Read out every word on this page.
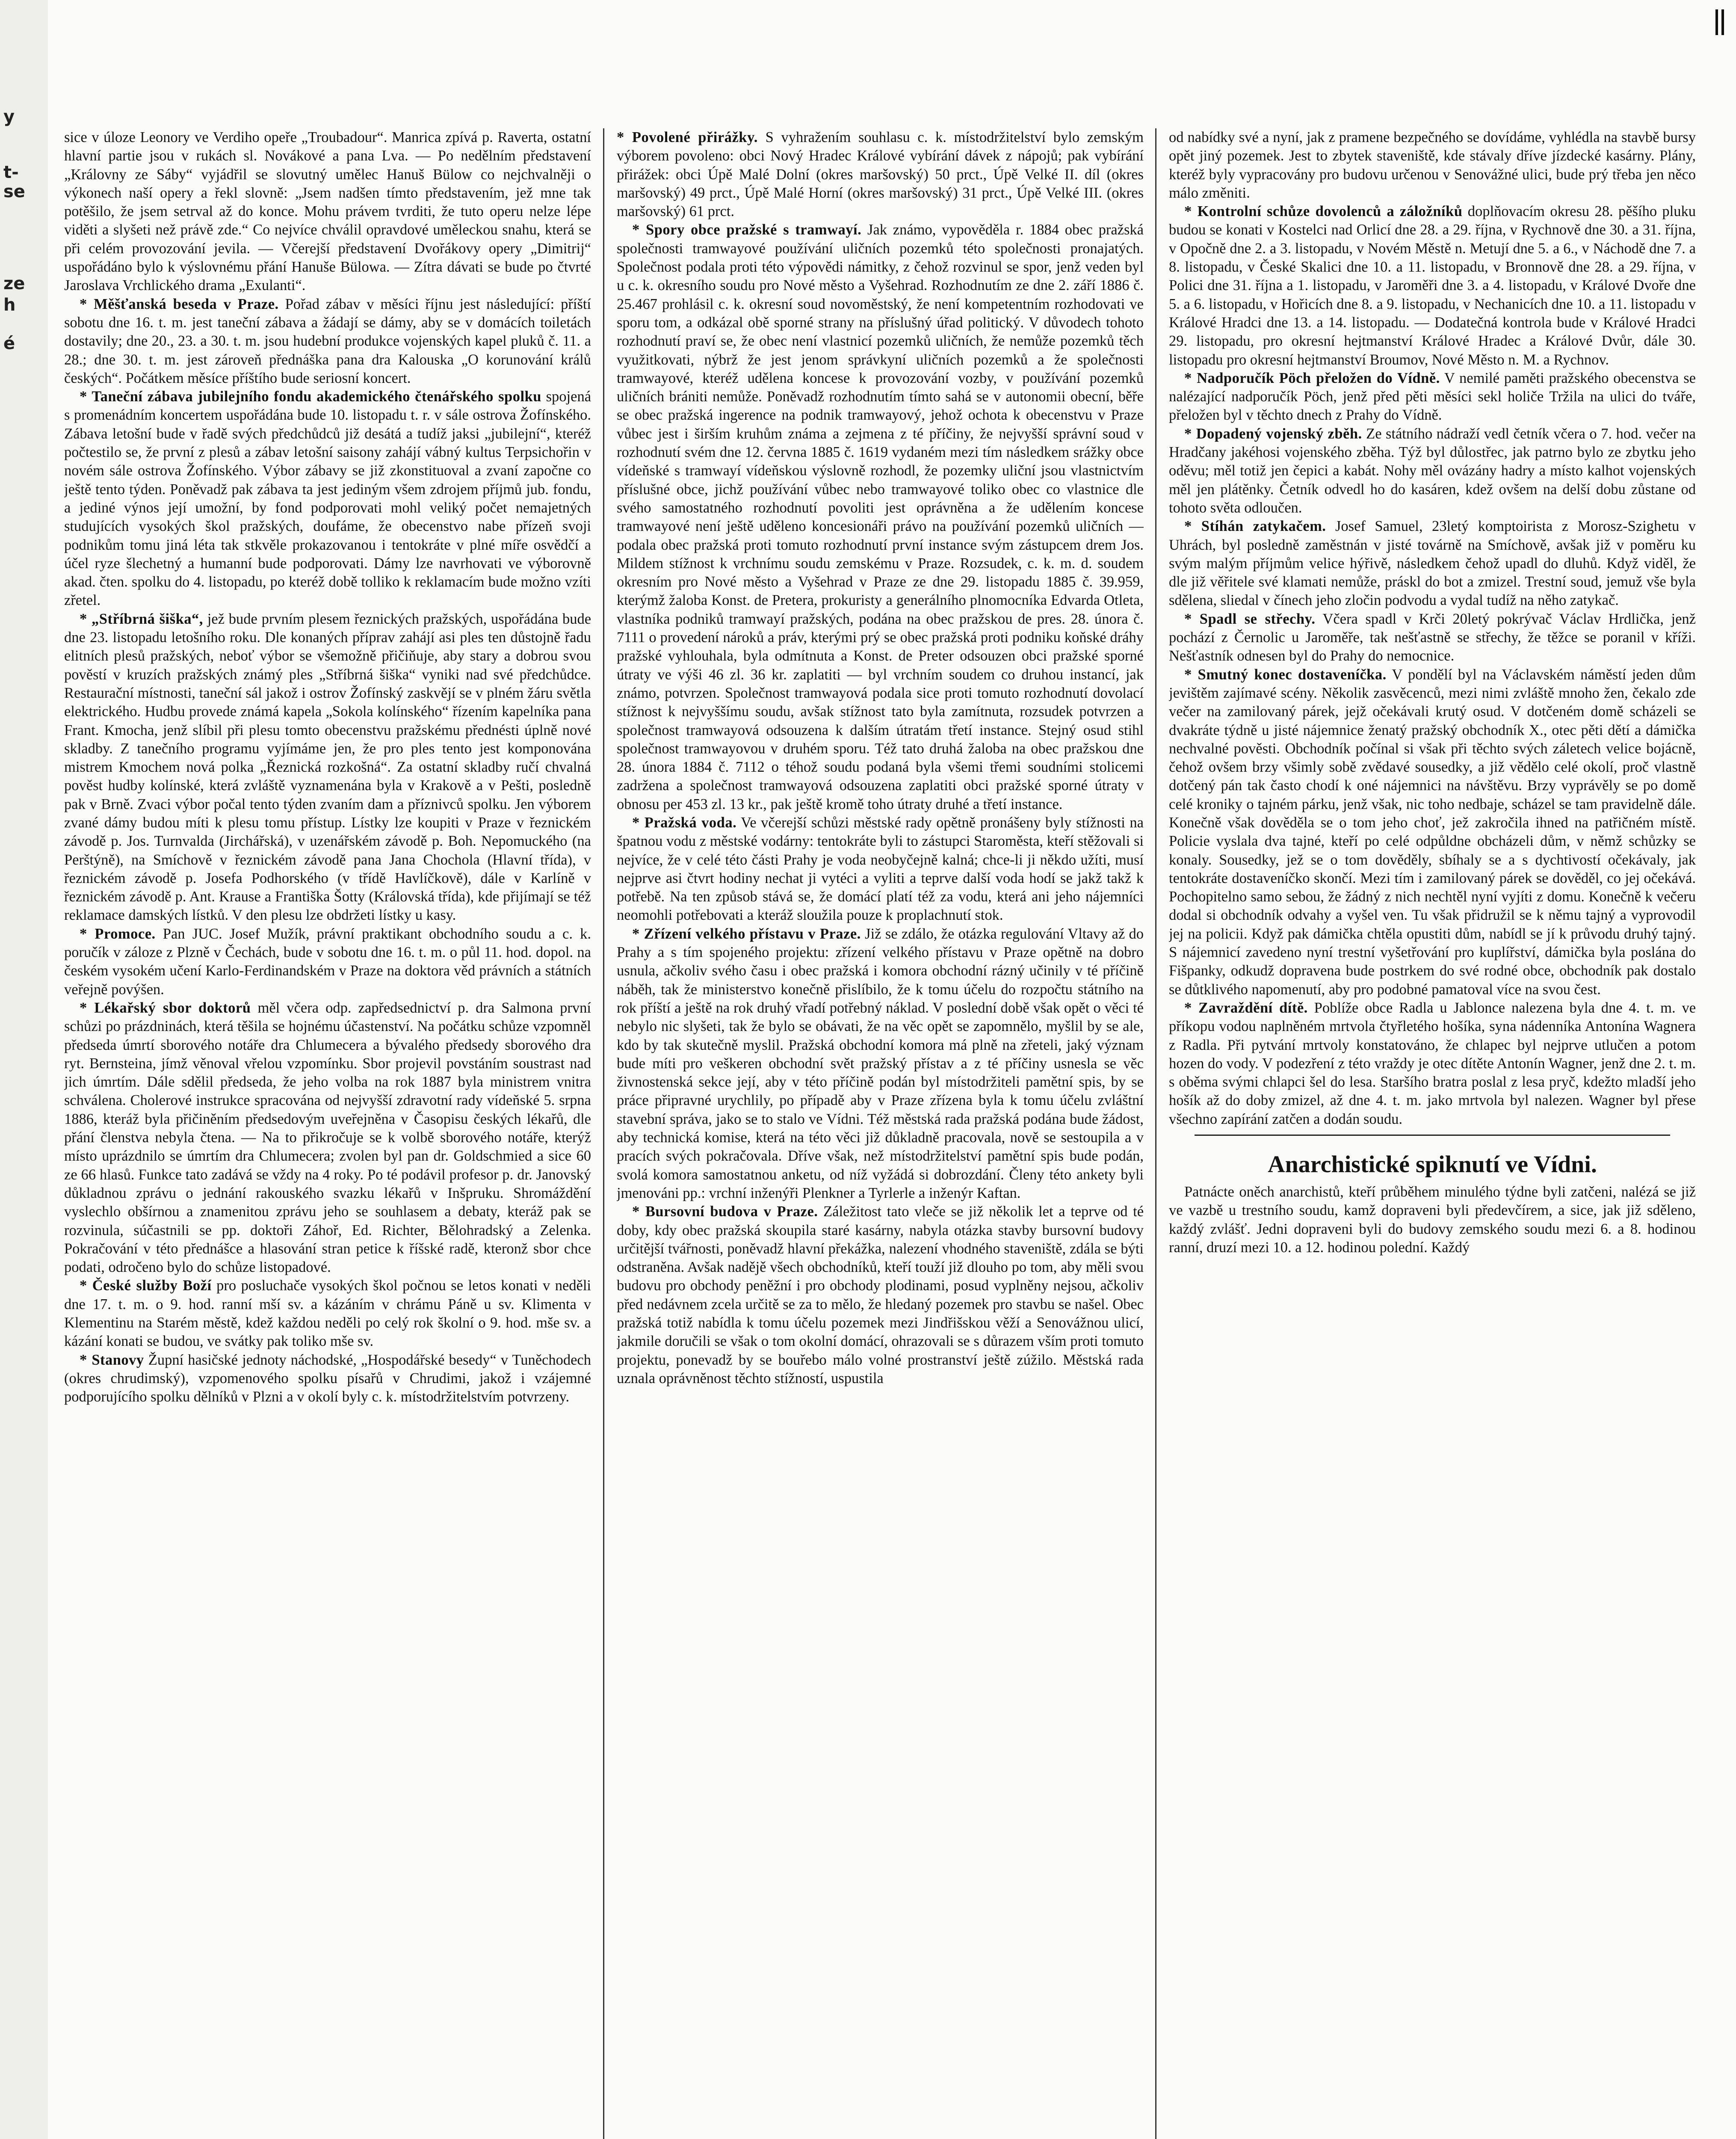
y
t-
se
ze
h
é

sice v úloze Leonory ve Verdiho opeře „Troubadour“. Manrica zpívá p. Raverta, ostatní hlavní partie jsou v rukách sl. Novákové a pana Lva. — Po nedělním představení „Královny ze Sáby“ vyjádřil se slovutný umělec Hanuš Bülow co nejchvalněji o výkonech naší opery a řekl slovně: „Jsem nadšen tímto představením, jež mne tak potěšilo, že jsem setrval až do konce. Mohu právem tvrditi, že tuto operu nelze lépe viděti a slyšeti než právě zde.“ Co nejvíce chválil opravdové uměleckou snahu, která se při celém provozování jevila. — Včerejší představení Dvořákovy opery „Dimitrij“ uspořádáno bylo k výslovnému přání Hanuše Bülowa. — Zítra dávati se bude po čtvrté Jaroslava Vrchlického drama „Exulanti“.

* Měšťanská beseda v Praze. Pořad zábav v měsíci říjnu jest následující: příští sobotu dne 16. t. m. jest taneční zábava a žádají se dámy, aby se v domácích toiletách dostavily; dne 20., 23. a 30. t. m. jsou hudební produkce vojenských kapel pluků č. 11. a 28.; dne 30. t. m. jest zároveň přednáška pana dra Kalouska „O korunování králů českých“. Počátkem měsíce příštího bude seriosní koncert.

* Taneční zábava jubilejního fondu akademického čtenářského spolku spojená s promenádním koncertem uspořádána bude 10. listopadu t. r. v sále ostrova Žofínského. Zábava letošní bude v řadě svých předchůdců již desátá a tudíž jaksi „jubilejní“, kteréž počtestilo se, že první z plesů a zábav letošní saisony zahájí vábný kultus Terpsichořin v novém sále ostrova Žofínského. Výbor zábavy se již zkonstituoval a zvaní započne co ještě tento týden. Poněvadž pak zábava ta jest jediným všem zdrojem příjmů jub. fondu, a jediné výnos její umožní, by fond podporovati mohl veliký počet nemajetných studujících vysokých škol pražských, doufáme, že obecenstvo nabe přízeň svoji podnikům tomu jiná léta tak stkvěle prokazovanou i tentokráte v plné míře osvědčí a účel ryze šlechetný a humanní bude podporovati. Dámy lze navrhovati ve výborovně akad. čten. spolku do 4. listopadu, po kteréž době tolliko k reklamacím bude možno vzíti zřetel.

* „Stříbrná šiška“, jež bude prvním plesem řeznických pražských, uspořádána bude dne 23. listopadu letošního roku. Dle konaných příprav zahájí asi ples ten důstojně řadu elitních plesů pražských, neboť výbor se všemožně přičiňuje, aby stary a dobrou svou pověstí v kruzích pražských známý ples „Stříbrná šiška“ vyniki nad své předchůdce. Restaurační místnosti, taneční sál jakož i ostrov Žofínský zaskvějí se v plném žáru světla elektrického. Hudbu provede známá kapela „Sokola kolínského“ řízením kapelníka pana Frant. Kmocha, jenž slíbil při plesu tomto obecenstvu pražskému přednésti úplně nové skladby. Z tanečního programu vyjímáme jen, že pro ples tento jest komponována mistrem Kmochem nová polka „Řeznická rozkošná“. Za ostatní skladby ručí chvalná pověst hudby kolínské, která zvláště vyznamenána byla v Krakově a v Pešti, posledně pak v Brně. Zvaci výbor počal tento týden zvaním dam a příznivců spolku. Jen výborem zvané dámy budou míti k plesu tomu přístup. Lístky lze koupiti v Praze v řeznickém závodě p. Jos. Turnvalda (Jirchářská), v uzenářském závodě p. Boh. Nepomuckého (na Perštýně), na Smíchově v řeznickém závodě pana Jana Chochola (Hlavní třída), v řeznickém závodě p. Josefa Podhorského (v třídě Havlíčkově), dále v Karlíně v řeznickém závodě p. Ant. Krause a Františka Šotty (Královská třída), kde přijímají se též reklamace damských lístků. V den plesu lze obdržeti lístky u kasy.

* Promoce. Pan JUC. Josef Mužík, právní praktikant obchodního soudu a c. k. poručík v záloze z Plzně v Čechách, bude v sobotu dne 16. t. m. o půl 11. hod. dopol. na českém vysokém učení Karlo-Ferdinandském v Praze na doktora věd právních a státních veřejně povýšen.

* Lékařský sbor doktorů měl včera odp. zapředsednictví p. dra Salmona první schůzi po prázdninách, která těšila se hojnému účastenství. Na počátku schůze vzpomněl předseda úmrtí sborového notáře dra Chlumecera a bývalého předsedy sborového dra ryt. Bernsteina, jímž věnoval vřelou vzpomínku. Sbor projevil povstáním soustrast nad jich úmrtím. Dále sdělil předseda, že jeho volba na rok 1887 byla ministrem vnitra schválena. Cholerové instrukce spracována od nejvyšší zdravotní rady vídeňské 5. srpna 1886, kteráž byla přičiněním předsedovým uveřejněna v Časopisu českých lékařů, dle přání členstva nebyla čtena. — Na to přikročuje se k volbě sborového notáře, kterýž místo uprázdnilo se úmrtím dra Chlumecera; zvolen byl pan dr. Goldschmied a sice 60 ze 66 hlasů. Funkce tato zadává se vždy na 4 roky. Po té podávil profesor p. dr. Janovský důkladnou zprávu o jednání rakouského svazku lékařů v Inšpruku. Shromáždění vyslechlo obšírnou a znamenitou zprávu jeho se souhlasem a debaty, kteráž pak se rozvinula, súčastnili se pp. doktoři Záhoř, Ed. Richter, Bělohradský a Zelenka. Pokračování v této přednášce a hlasování stran petice k říšské radě, kteronž sbor chce podati, odročeno bylo do schůze listopadové.

* České služby Boží pro posluchače vysokých škol počnou se letos konati v neděli dne 17. t. m. o 9. hod. ranní mší sv. a kázáním v chrámu Páně u sv. Klimenta v Klementinu na Starém městě, kdež každou neděli po celý rok školní o 9. hod. mše sv. a kázání konati se budou, ve svátky pak toliko mše sv.

* Stanovy Župní hasičské jednoty náchodské, „Hospodářské besedy“ v Tuněchodech (okres chrudimský), vzpomenového spolku písařů v Chrudimi, jakož i vzájemné podporujícího spolku dělníků v Plzni a v okolí byly c. k. místodržitelstvím potvrzeny.

* Povolené přirážky. S vyhražením souhlasu c. k. místodržitelství bylo zemským výborem povoleno: obci Nový Hradec Králové vybírání dávek z nápojů; pak vybírání přirážek: obci Úpě Malé Dolní (okres maršovský) 50 prct., Úpě Velké II. díl (okres maršovský) 49 prct., Úpě Malé Horní (okres maršovský) 31 prct., Úpě Velké III. (okres maršovský) 61 prct.

* Spory obce pražské s tramwayí. Jak známo, vypověděla r. 1884 obec pražská společnosti tramwayové používání uličních pozemků této společnosti pronajatých. Společnost podala proti této výpovědi námitky, z čehož rozvinul se spor, jenž veden byl u c. k. okresního soudu pro Nové město a Vyšehrad. Rozhodnutím ze dne 2. září 1886 č. 25.467 prohlásil c. k. okresní soud novoměstský, že není kompetentním rozhodovati ve sporu tom, a odkázal obě sporné strany na příslušný úřad politický. V důvodech tohoto rozhodnutí praví se, že obec není vlastnicí pozemků uličních, že nemůže pozemků těch využitkovati, nýbrž že jest jenom správkyní uličních pozemků a že společnosti tramwayové, kteréž udělena koncese k provozování vozby, v používání pozemků uličních brániti nemůže. Poněvadž rozhodnutím tímto sahá se v autonomii obecní, běře se obec pražská ingerence na podnik tramwayový, jehož ochota k obecenstvu v Praze vůbec jest i širším kruhům známa a zejmena z té příčiny, že nejvyšší správní soud v rozhodnutí svém dne 12. června 1885 č. 1619 vydaném mezi tím následkem srážky obce vídeňské s tramwayí vídeňskou výslovně rozhodl, že pozemky uliční jsou vlastnictvím příslušné obce, jichž používání vůbec nebo tramwayové toliko obec co vlastnice dle svého samostatného rozhodnutí povoliti jest oprávněna a že udělením koncese tramwayové není ještě uděleno koncesionáři právo na používání pozemků uličních — podala obec pražská proti tomuto rozhodnutí první instance svým zástupcem drem Jos. Mildem stížnost k vrchnímu soudu zemskému v Praze. Rozsudek, c. k. m. d. soudem okresním pro Nové město a Vyšehrad v Praze ze dne 29. listopadu 1885 č. 39.959, kterýmž žaloba Konst. de Pretera, prokuristy a generálního plnomocníka Edvarda Otleta, vlastníka podniků tramwayí pražských, podána na obec pražskou de pres. 28. února č. 7111 o provedení nároků a práv, kterými prý se obec pražská proti podniku koňské dráhy pražské vyhlouhala, byla odmítnuta a Konst. de Preter odsouzen obci pražské sporné útraty ve výši 46 zl. 36 kr. zaplatiti — byl vrchním soudem co druhou instancí, jak známo, potvrzen. Společnost tramwayová podala sice proti tomuto rozhodnutí dovolací stížnost k nejvyššímu soudu, avšak stížnost tato byla zamítnuta, rozsudek potvrzen a společnost tramwayová odsouzena k dalším útratám třetí instance. Stejný osud stihl společnost tramwayovou v druhém sporu. Též tato druhá žaloba na obec pražskou dne 28. února 1884 č. 7112 o téhož soudu podaná byla všemi třemi soudními stolicemi zadržena a společnost tramwayová odsouzena zaplatiti obci pražské sporné útraty v obnosu per 453 zl. 13 kr., pak ještě kromě toho útraty druhé a třetí instance.

* Pražská voda. Ve včerejší schůzi městské rady opětně pronášeny byly stížnosti na špatnou vodu z městské vodárny: tentokráte byli to zástupci Staroměsta, kteří stěžovali si nejvíce, že v celé této části Prahy je voda neobyčejně kalná; chce-li ji někdo užíti, musí nejprve asi čtvrt hodiny nechat ji vytéci a vyliti a teprve další voda hodí se jakž takž k potřebě. Na ten způsob stává se, že domácí platí též za vodu, která ani jeho nájemníci neomohli potřebovati a kteráž sloužila pouze k proplachnutí stok.

* Zřízení velkého přístavu v Praze. Již se zdálo, že otázka regulování Vltavy až do Prahy a s tím spojeného projektu: zřízení velkého přístavu v Praze opětně na dobro usnula, ačkoliv svého času i obec pražská i komora obchodní rázný učinily v té příčině náběh, tak že ministerstvo konečně přislíbilo, že k tomu účelu do rozpočtu státního na rok příští a ještě na rok druhý vřadí potřebný náklad. V poslední době však opět o věci té nebylo nic slyšeti, tak že bylo se obávati, že na věc opět se zapomnělo, myšlil by se ale, kdo by tak skutečně myslil. Pražská obchodní komora má plně na zřeteli, jaký význam bude míti pro veškeren obchodní svět pražský přístav a z té příčiny usnesla se věc živnostenská sekce její, aby v této příčině podán byl místodržiteli pamětní spis, by se práce připravné urychlily, po případě aby v Praze zřízena byla k tomu účelu zvláštní stavební správa, jako se to stalo ve Vídni. Též městská rada pražská podána bude žádost, aby technická komise, která na této věci již důkladně pracovala, nově se sestoupila a v pracích svých pokračovala. Dříve však, než místodržitelství pamětní spis bude podán, svolá komora samostatnou anketu, od níž vyžádá si dobrozdání. Členy této ankety byli jmenováni pp.: vrchní inženýři Plenkner a Tyrlerle a inženýr Kaftan.

* Bursovní budova v Praze. Záležitost tato vleče se již několik let a teprve od té doby, kdy obec pražská skoupila staré kasárny, nabyla otázka stavby bursovní budovy určitější tvářnosti, poněvadž hlavní překážka, nalezení vhodného staveniště, zdála se býti odstraněna. Avšak nadějě všech obchodníků, kteří touží již dlouho po tom, aby měli svou budovu pro obchody peněžní i pro obchody plodinami, posud vyplněny nejsou, ačkoliv před nedávnem zcela určitě se za to mělo, že hledaný pozemek pro stavbu se našel. Obec pražská totiž nabídla k tomu účelu pozemek mezi Jindřišskou věží a Senovážnou ulicí, jakmile doručili se však o tom okolní domácí, ohrazovali se s důrazem vším proti tomuto projektu, ponevadž by se bouřebo málo volné prostranství ještě zúžilo. Městská rada uznala oprávněnost těchto stížností, uspustila

od nabídky své a nyní, jak z pramene bezpečného se dovídáme, vyhlédla na stavbě bursy opět jiný pozemek. Jest to zbytek staveniště, kde stávaly dříve jízdecké kasárny. Plány, kteréž byly vypracovány pro budovu určenou v Senovážné ulici, bude prý třeba jen něco málo změniti.

* Kontrolní schůze dovolenců a záložníků doplňovacím okresu 28. pěšího pluku budou se konati v Kostelci nad Orlicí dne 28. a 29. října, v Rychnově dne 30. a 31. října, v Opočně dne 2. a 3. listopadu, v Novém Městě n. Metují dne 5. a 6., v Náchodě dne 7. a 8. listopadu, v České Skalici dne 10. a 11. listopadu, v Bronnově dne 28. a 29. října, v Polici dne 31. října a 1. listopadu, v Jaroměři dne 3. a 4. listopadu, v Králové Dvoře dne 5. a 6. listopadu, v Hořicích dne 8. a 9. listopadu, v Nechanicích dne 10. a 11. listopadu v Králové Hradci dne 13. a 14. listopadu. — Dodatečná kontrola bude v Králové Hradci 29. listopadu, pro okresní hejtmanství Králové Hradec a Králové Dvůr, dále 30. listopadu pro okresní hejtmanství Broumov, Nové Město n. M. a Rychnov.

* Nadporučík Pöch přeložen do Vídně. V nemilé paměti pražského obecenstva se nalézající nadporučík Pöch, jenž před pěti měsíci sekl holiče Tržila na ulici do tváře, přeložen byl v těchto dnech z Prahy do Vídně.

* Dopadený vojenský zběh. Ze státního nádraží vedl četník včera o 7. hod. večer na Hradčany jakéhosi vojenského zběha. Týž byl důlostřec, jak patrno bylo ze zbytku jeho oděvu; měl totiž jen čepici a kabát. Nohy měl ovázány hadry a místo kalhot vojenských měl jen plátěnky. Četník odvedl ho do kasáren, kdež ovšem na delší dobu zůstane od tohoto světa odloučen.

* Stíhán zatykačem. Josef Samuel, 23letý komptoirista z Morosz-Szighetu v Uhrách, byl posledně zaměstnán v jisté továrně na Smíchově, avšak již v poměru ku svým malým příjmům velice hýřivě, následkem čehož upadl do dluhů. Když viděl, že dle již věřitele své klamati nemůže, práskl do bot a zmizel. Trestní soud, jemuž vše byla sdělena, sliedal v čínech jeho zločin podvodu a vydal tudíž na něho zatykač.

* Spadl se střechy. Včera spadl v Krči 20letý pokrývač Václav Hrdlička, jenž pochází z Černolic u Jaroměře, tak nešťastně se střechy, že těžce se poranil v kříži. Nešťastník odnesen byl do Prahy do nemocnice.

* Smutný konec dostaveníčka. V pondělí byl na Václavském náměstí jeden dům jevištěm zajímavé scény. Několik zasvěcenců, mezi nimi zvláště mnoho žen, čekalo zde večer na zamilovaný párek, jejž očekávali krutý osud. V dotčeném domě scházeli se dvakráte týdně u jisté nájemnice ženatý pražský obchodník X., otec pěti dětí a dámička nechvalné pověsti. Obchodník počínal si však při těchto svých záletech velice bojácně, čehož ovšem brzy všimly sobě zvědavé sousedky, a již vědělo celé okolí, proč vlastně dotčený pán tak často chodí k oné nájemnici na návštěvu. Brzy vyprávěly se po domě celé kroniky o tajném párku, jenž však, nic toho nedbaje, scházel se tam pravidelně dále. Konečně však dověděla se o tom jeho choť, jež zakročila ihned na patřičném místě. Policie vyslala dva tajné, kteří po celé odpůldne obcházeli dům, v němž schůzky se konaly. Sousedky, jež se o tom dověděly, sbíhaly se a s dychtivostí očekávaly, jak tentokráte dostaveníčko skončí. Mezi tím i zamilovaný párek se dověděl, co jej očekává. Pochopitelno samo sebou, že žádný z nich nechtěl nyní vyjíti z domu. Konečně k večeru dodal si obchodník odvahy a vyšel ven. Tu však přidružil se k němu tajný a vyprovodil jej na policii. Když pak dámička chtěla opustiti dům, nabídl se jí k průvodu druhý tajný. S nájemnicí zavedeno nyní trestní vyšetřování pro kuplířství, dámička byla poslána do Fišpanky, odkudž dopravena bude postrkem do své rodné obce, obchodník pak dostalo se důtklivého napomenutí, aby pro podobné pamatoval více na svou čest.

* Zavraždění dítě. Poblíže obce Radla u Jablonce nalezena byla dne 4. t. m. ve příkopu vodou naplněném mrtvola čtyřletého hošíka, syna nádenníka Antonína Wagnera z Radla. Při pytvání mrtvoly konstatováno, že chlapec byl nejprve utlučen a potom hozen do vody. V podezření z této vraždy je otec dítěte Antonín Wagner, jenž dne 2. t. m. s oběma svými chlapci šel do lesa. Staršího bratra poslal z lesa pryč, kdežto mladší jeho hošík až do doby zmizel, až dne 4. t. m. jako mrtvola byl nalezen. Wagner byl přese všechno zapírání zatčen a dodán soudu.

Anarchistické spiknutí ve Vídni.

Patnácte oněch anarchistů, kteří průběhem minulého týdne byli zatčeni, nalézá se již ve vazbě u trestního soudu, kamž dopraveni byli předevčírem, a sice, jak již sděleno, každý zvlášť. Jedni dopraveni byli do budovy zemského soudu mezi 6. a 8. hodinou ranní, druzí mezi 10. a 12. hodinou polední. Každý
